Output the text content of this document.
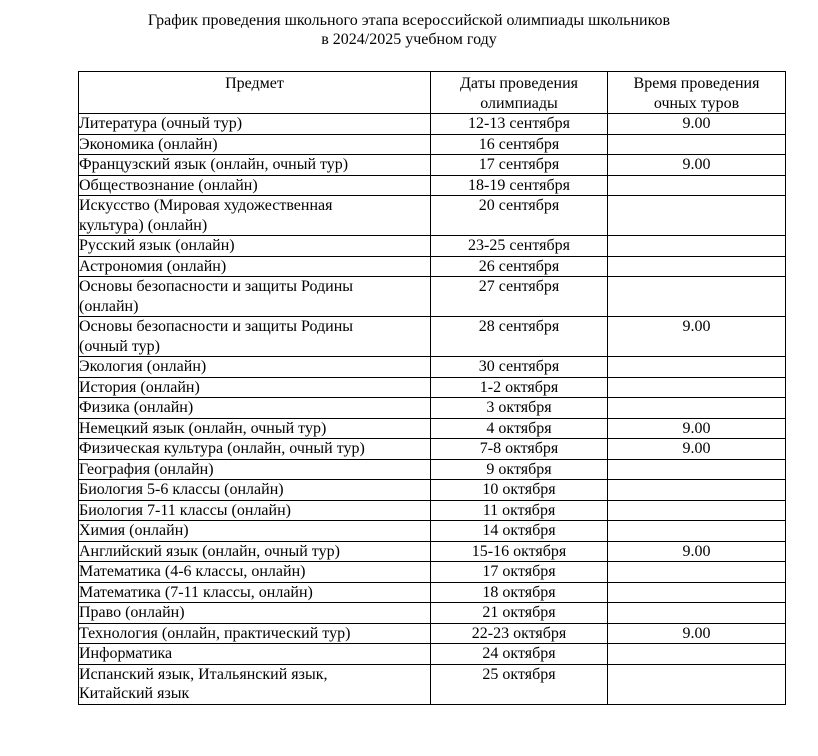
График проведения школьного этапа всероссийской олимпиады школьников
в 2024/2025 учебном году
Предмет	Даты проведения олимпиады	Время проведения очных туров
Литература (очный тур)	12-13 сентября	9.00
Экономика (онлайн)	16 сентября	
Французский язык (онлайн, очный тур)	17 сентября	9.00
Обществознание (онлайн)	18-19 сентября	
Искусство (Мировая художественная культура) (онлайн)	20 сентября	
Русский язык (онлайн)	23-25 сентября	
Астрономия (онлайн)	26 сентября	
Основы безопасности и защиты Родины (онлайн)	27 сентября	
Основы безопасности и защиты Родины (очный тур)	28 сентября	9.00
Экология (онлайн)	30 сентября	
История (онлайн)	1-2 октября	
Физика (онлайн)	3 октября	
Немецкий язык (онлайн, очный тур)	4 октября	9.00
Физическая культура (онлайн, очный тур)	7-8 октября	9.00
География (онлайн)	9 октября	
Биология 5-6 классы (онлайн)	10 октября	
Биология 7-11 классы (онлайн)	11 октября	
Химия (онлайн)	14 октября	
Английский язык (онлайн, очный тур)	15-16 октября	9.00
Математика (4-6 классы, онлайн)	17 октября	
Математика (7-11 классы, онлайн)	18 октября	
Право (онлайн)	21 октября	
Технология (онлайн, практический тур)	22-23 октября	9.00
Информатика	24 октября	
Испанский язык, Итальянский язык, Китайский язык	25 октября	
